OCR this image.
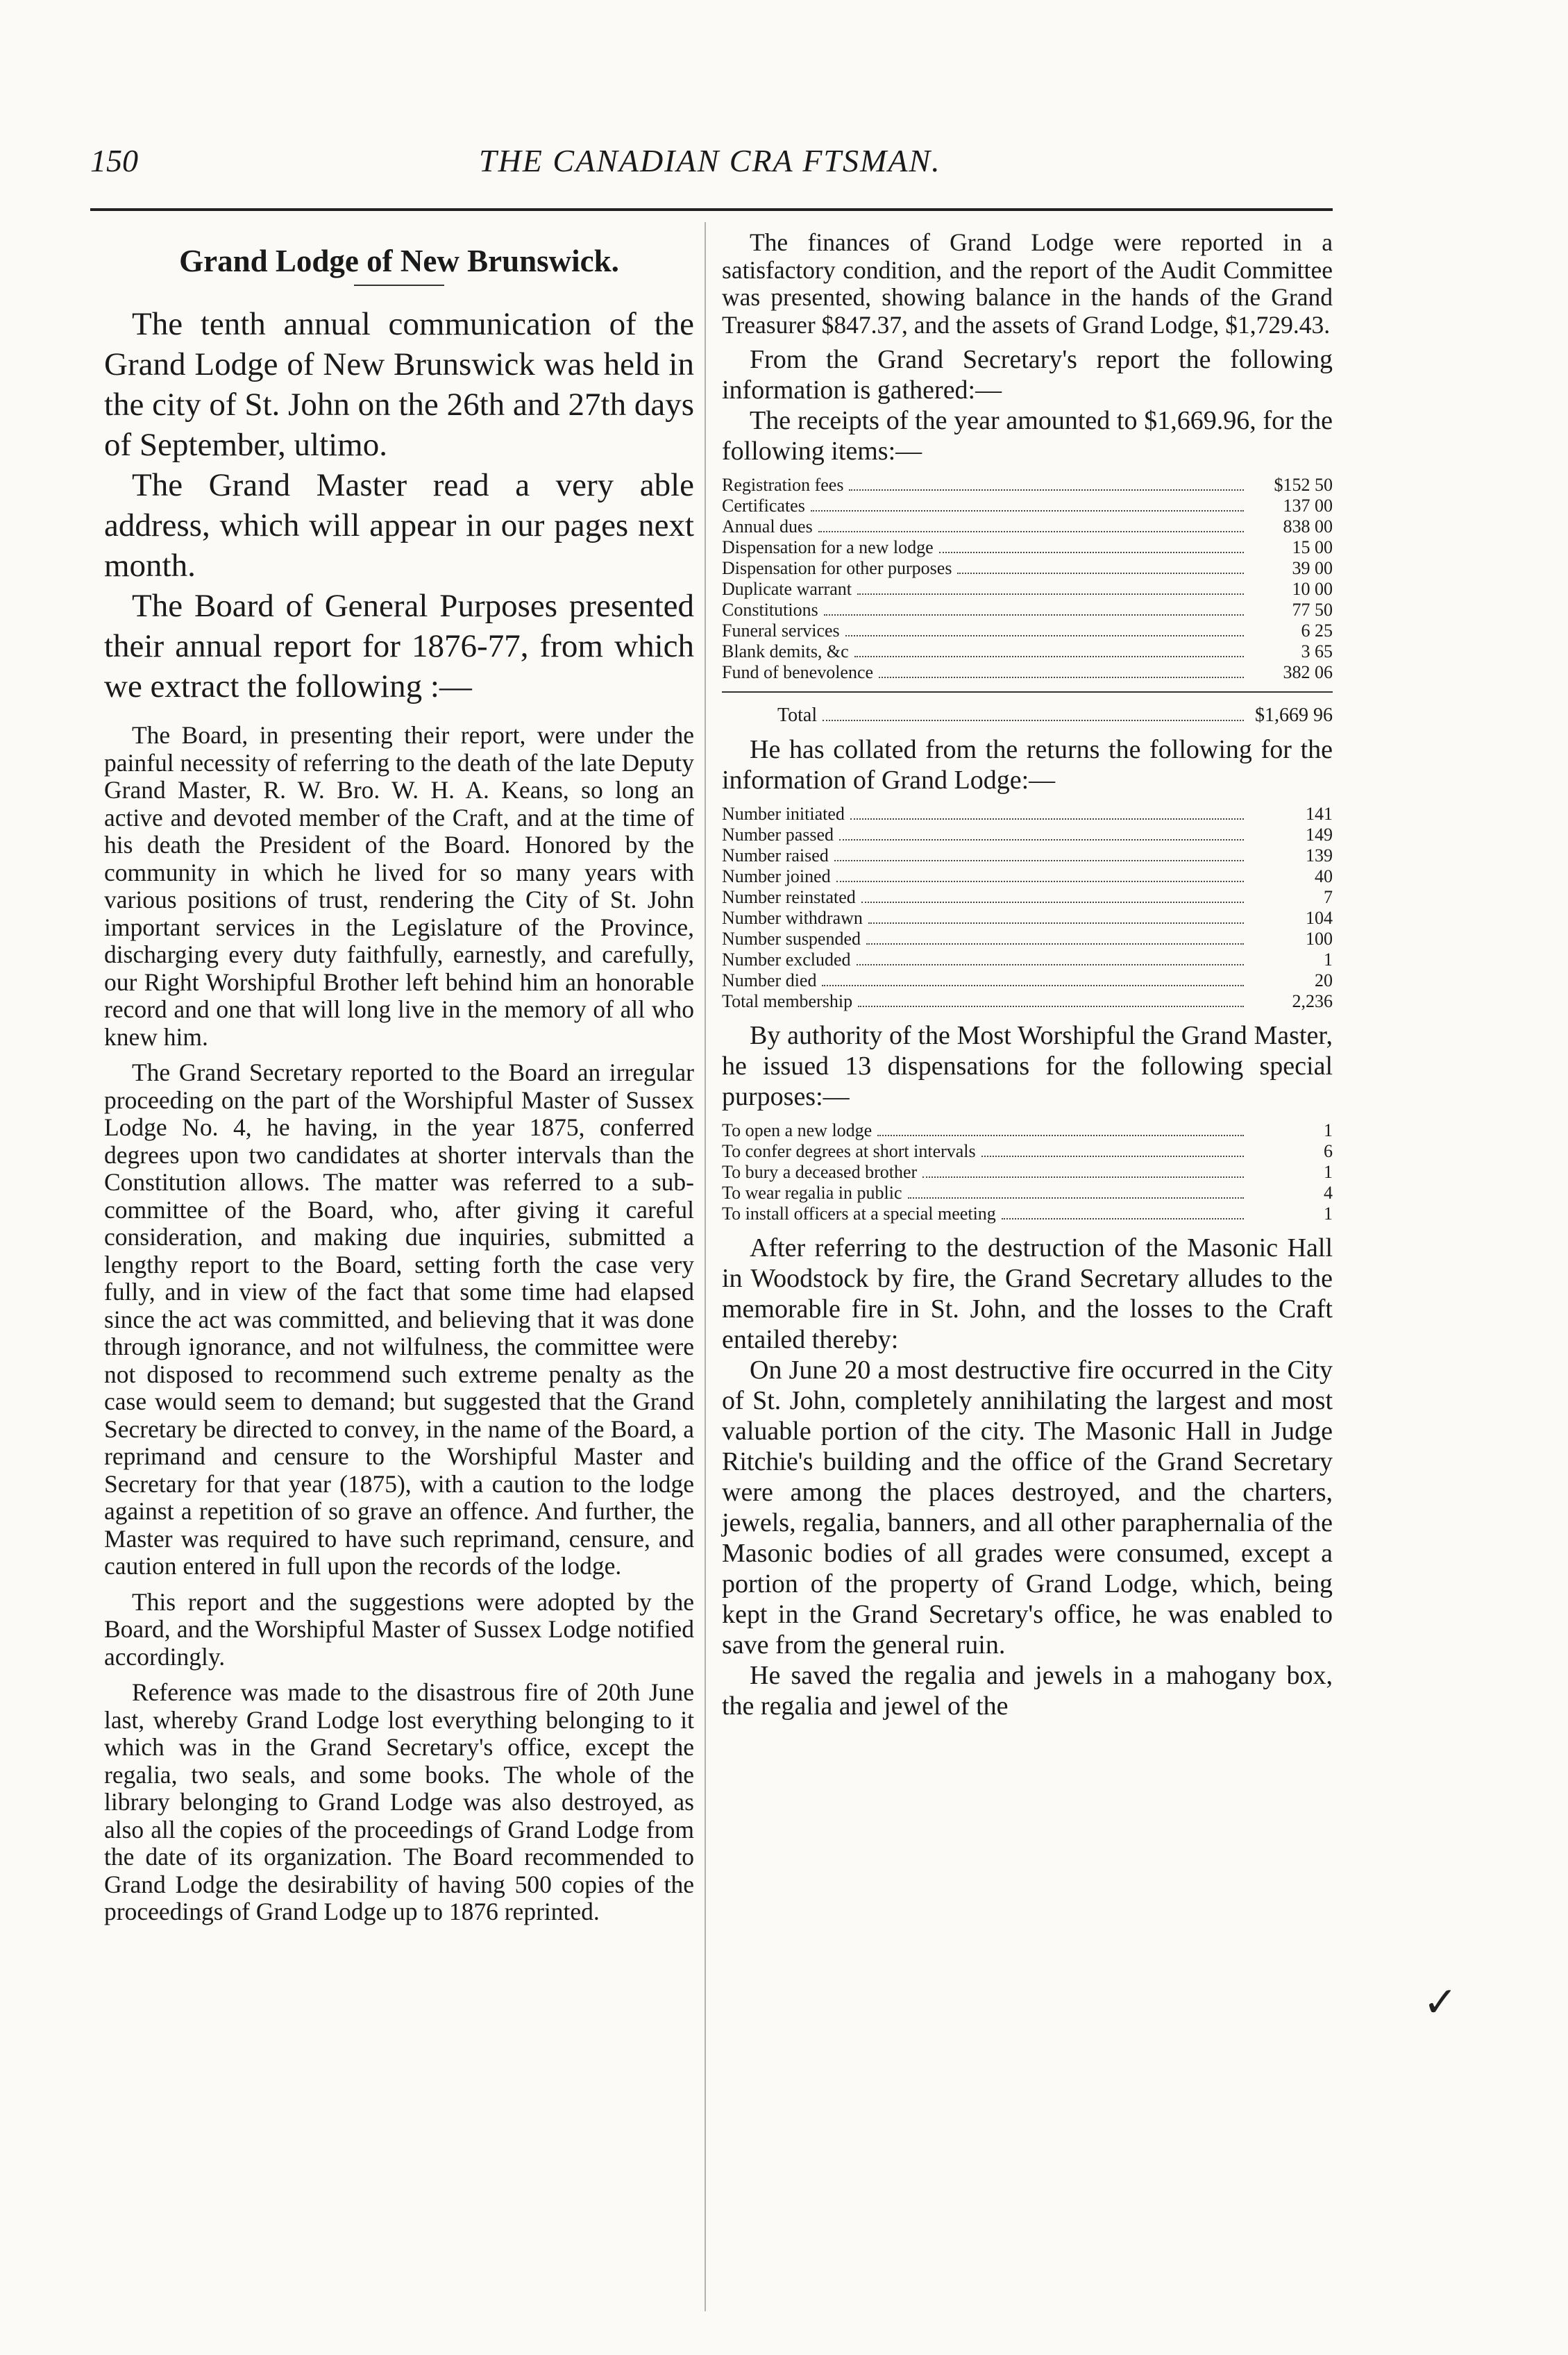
150	THE CANADIAN CRA FTSMAN.
Grand Lodge of New Brunswick.

The tenth annual communication of the Grand Lodge of New Brunswick was held in the city of St. John on the 26th and 27th days of September, ultimo.

The Grand Master read a very able address, which will appear in our pages next month.

The Board of General Purposes presented their annual report for 1876-77, from which we extract the following :—

The Board, in presenting their report, were under the painful necessity of referring to the death of the late Deputy Grand Master, R. W. Bro. W. H. A. Keans, so long an active and devoted member of the Craft, and at the time of his death the President of the Board. Honored by the community in which he lived for so many years with various positions of trust, rendering the City of St. John important services in the Legislature of the Province, discharging every duty faithfully, earnestly, and carefully, our Right Worshipful Brother left behind him an honorable record and one that will long live in the memory of all who knew him.

The Grand Secretary reported to the Board an irregular proceeding on the part of the Worshipful Master of Sussex Lodge No. 4, he having, in the year 1875, conferred degrees upon two candidates at shorter intervals than the Constitution allows. The matter was referred to a sub-committee of the Board, who, after giving it careful consideration, and making due inquiries, submitted a lengthy report to the Board, setting forth the case very fully, and in view of the fact that some time had elapsed since the act was committed, and believing that it was done through ignorance, and not wilfulness, the committee were not disposed to recommend such extreme penalty as the case would seem to demand; but suggested that the Grand Secretary be directed to convey, in the name of the Board, a reprimand and censure to the Worshipful Master and Secretary for that year (1875), with a caution to the lodge against a repetition of so grave an offence. And further, the Master was required to have such reprimand, censure, and caution entered in full upon the records of the lodge.

This report and the suggestions were adopted by the Board, and the Worshipful Master of Sussex Lodge notified accordingly.

Reference was made to the disastrous fire of 20th June last, whereby Grand Lodge lost everything belonging to it which was in the Grand Secretary's office, except the regalia, two seals, and some books. The whole of the library belonging to Grand Lodge was also destroyed, as also all the copies of the proceedings of Grand Lodge from the date of its organization. The Board recommended to Grand Lodge the desirability of having 500 copies of the proceedings of Grand Lodge up to 1876 reprinted.

The finances of Grand Lodge were reported in a satisfactory condition, and the report of the Audit Committee was presented, showing balance in the hands of the Grand Treasurer $847.37, and the assets of Grand Lodge, $1,729.43.

From the Grand Secretary's report the following information is gathered:—

The receipts of the year amounted to $1,669.96, for the following items:—

Registration fees	$152 50
Certificates	137 00
Annual dues	838 00
Dispensation for a new lodge	15 00
Dispensation for other purposes	39 00
Duplicate warrant	10 00
Constitutions	77 50
Funeral services	6 25
Blank demits, &c	3 65
Fund of benevolence	382 06
Total	$1,669 96

He has collated from the returns the following for the information of Grand Lodge:—

Number initiated	141
Number passed	149
Number raised	139
Number joined	40
Number reinstated	7
Number withdrawn	104
Number suspended	100
Number excluded	1
Number died	20
Total membership	2,236

By authority of the Most Worshipful the Grand Master, he issued 13 dispensations for the following special purposes:—

To open a new lodge	1
To confer degrees at short intervals	6
To bury a deceased brother	1
To wear regalia in public	4
To install officers at a special meeting	1

After referring to the destruction of the Masonic Hall in Woodstock by fire, the Grand Secretary alludes to the memorable fire in St. John, and the losses to the Craft entailed thereby:

On June 20 a most destructive fire occurred in the City of St. John, completely annihilating the largest and most valuable portion of the city. The Masonic Hall in Judge Ritchie's building and the office of the Grand Secretary were among the places destroyed, and the charters, jewels, regalia, banners, and all other paraphernalia of the Masonic bodies of all grades were consumed, except a portion of the property of Grand Lodge, which, being kept in the Grand Secretary's office, he was enabled to save from the general ruin.

He saved the regalia and jewels in a mahogany box, the regalia and jewel of the

✓
